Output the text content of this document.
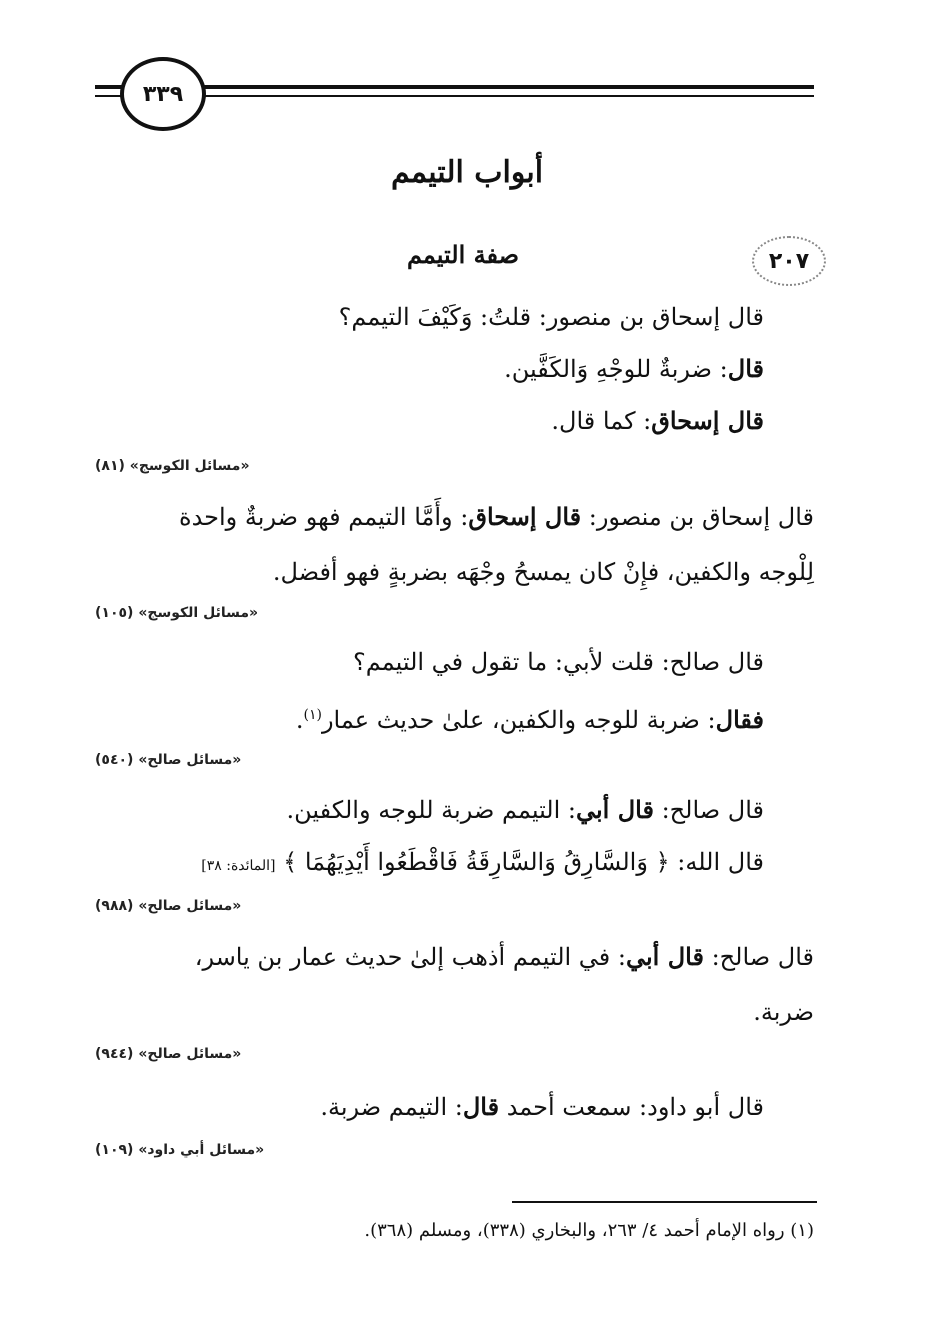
٣٣٩
أبواب التيمم
٢٠٧
صفة التيمم
قال إسحاق بن منصور: قلتُ: وَكَيْفَ التيمم؟
قال: ضربةٌ للوجْهِ وَالكَفَّين.
قال إسحاق: كما قال.
«مسائل الكوسج» (٨١)
قال إسحاق بن منصور: قال إسحاق: وأَمَّا التيمم فهو ضربةٌ واحدة
لِلْوجه والكفين، فإِنْ كان يمسحُ وجْهَه بضربةٍ فهو أفضل.
«مسائل الكوسج» (١٠٥)
قال صالح: قلت لأبي: ما تقول في التيمم؟
فقال: ضربة للوجه والكفين، علىٰ حديث عمار$^{(١)}$.
«مسائل صالح» (٥٤٠)
قال صالح: قال أبي: التيمم ضربة للوجه والكفين.
قال الله: ﴿ وَالسَّارِقُ وَالسَّارِقَةُ فَاقْطَعُوا أَيْدِيَهُمَا ﴾ [المائدة: ٣٨]
«مسائل صالح» (٩٨٨)
قال صالح: قال أبي: في التيمم أذهب إلىٰ حديث عمار بن ياسر،
ضربة.
«مسائل صالح» (٩٤٤)
قال أبو داود: سمعت أحمد قال: التيمم ضربة.
«مسائل أبي داود» (١٠٩)
(١) رواه الإمام أحمد ٤/ ٢٦٣، والبخاري (٣٣٨)، ومسلم (٣٦٨).
